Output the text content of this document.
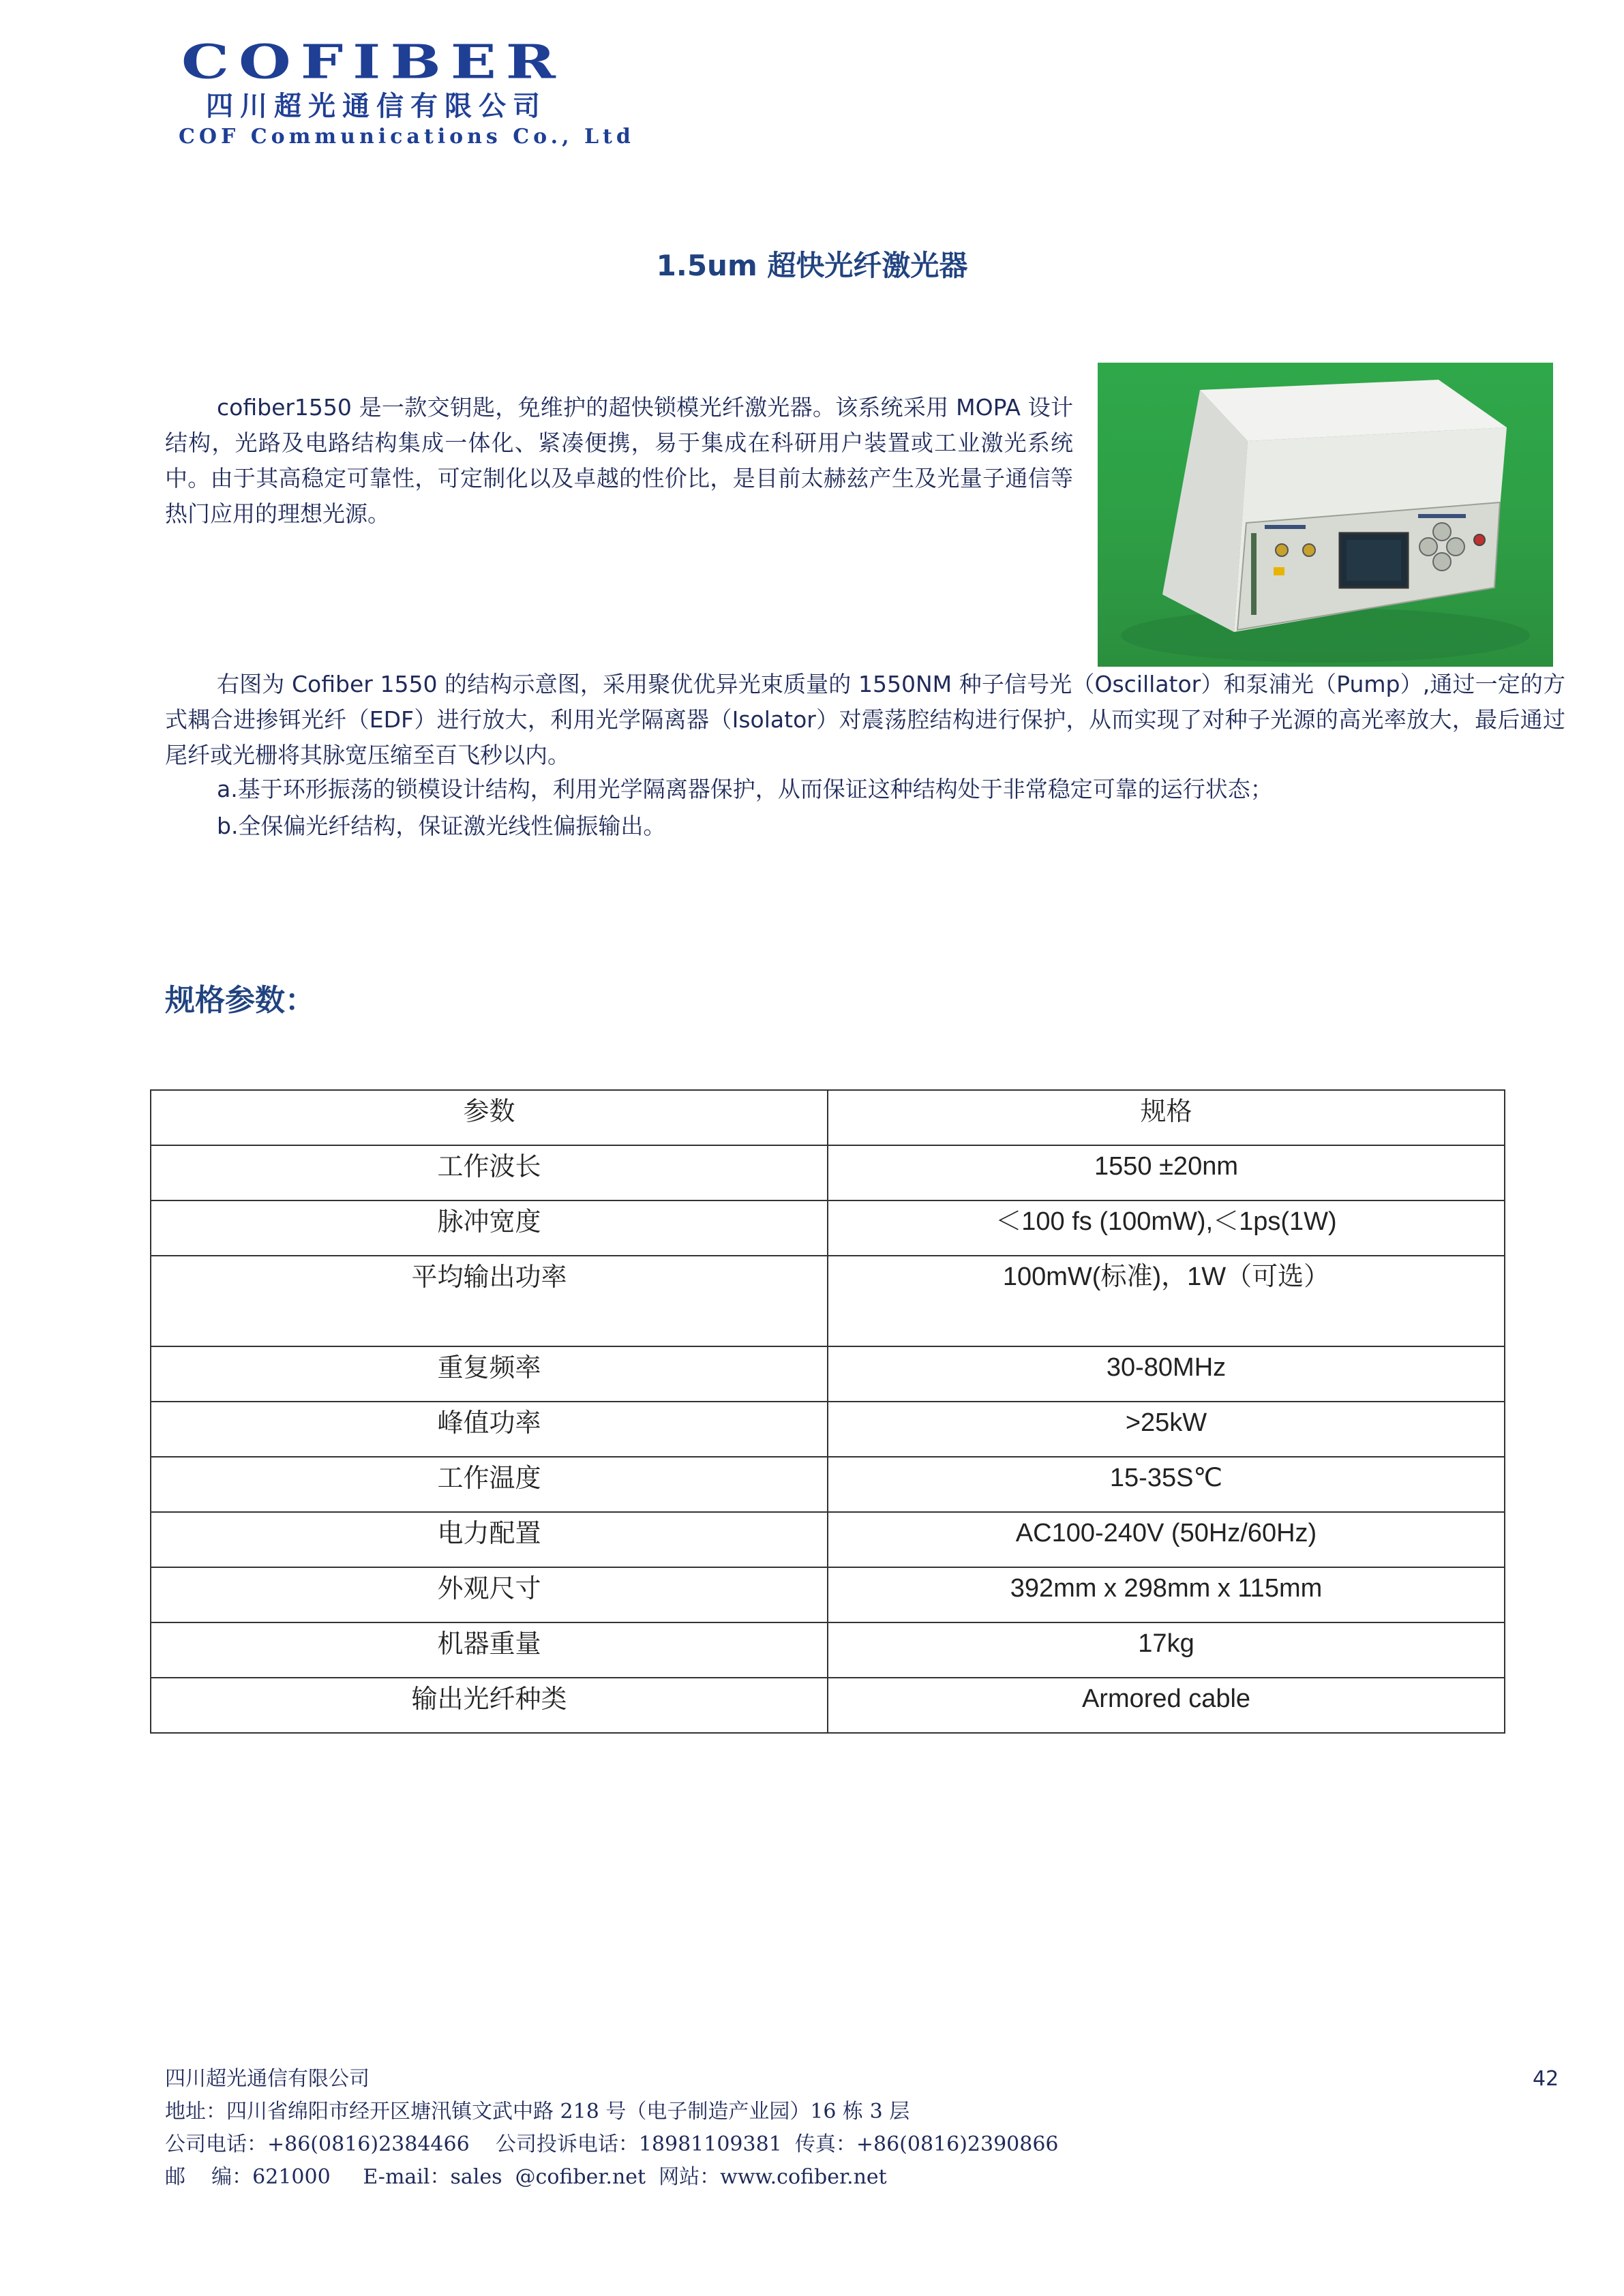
COFIBER
四川超光通信有限公司
COF Communications Co., Ltd
1.5um 超快光纤激光器

cofiber1550 是一款交钥匙，免维护的超快锁模光纤激光器。该系统采用 MOPA 设计结构，光路及电路结构集成一体化、紧凑便携，易于集成在科研用户装置或工业激光系统中。由于其高稳定可靠性，可定制化以及卓越的性价比，是目前太赫兹产生及光量子通信等热门应用的理想光源。

右图为 Cofiber 1550 的结构示意图，采用聚优优异光束质量的 1550NM 种子信号光（Oscillator）和泵浦光（Pump）,通过一定的方式耦合进掺铒光纤（EDF）进行放大，利用光学隔离器（Isolator）对震荡腔结构进行保护，从而实现了对种子光源的高光率放大，最后通过尾纤或光栅将其脉宽压缩至百飞秒以内。

a.基于环形振荡的锁模设计结构，利用光学隔离器保护，从而保证这种结构处于非常稳定可靠的运行状态；

b.全保偏光纤结构，保证激光线性偏振输出。

规格参数：
参数	规格
工作波长	1550 ±20nm
脉冲宽度	＜100 fs (100mW),＜1ps(1W)
平均输出功率	100mW(标准)，1W（可选）
重复频率	30-80MHz
峰值功率	>25kW
工作温度	15-35S℃
电力配置	AC100-240V (50Hz/60Hz)
外观尺寸	392mm x 298mm x 115mm
机器重量	17kg
输出光纤种类	Armored cable
四川超光通信有限公司
地址：四川省绵阳市经开区塘汛镇文武中路 218 号（电子制造产业园）16 栋 3 层
公司电话：+86(0816)2384466    公司投诉电话：18981109381  传真：+86(0816)2390866
邮    编：621000     E-mail：sales  @cofiber.net  网站：www.cofiber.net
42
